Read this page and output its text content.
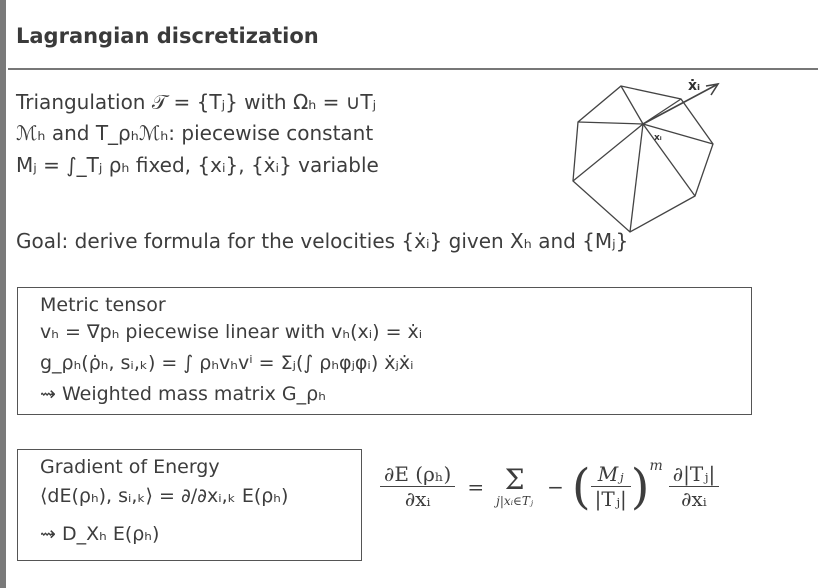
Lagrangian discretization
Triangulation 𝒯 = {Tⱼ} with Ωₕ = ∪Tⱼ
ℳₕ and T_ρₕℳₕ: piecewise constant
Mⱼ = ∫_Tⱼ ρₕ fixed, {xᵢ}, {ẋᵢ} variable
ẋᵢ
xᵢ
Goal: derive formula for the velocities {ẋᵢ} given Xₕ and {Mⱼ}
Metric tensor
vₕ = ∇pₕ piecewise linear with vₕ(xᵢ) = ẋᵢ
g_ρₕ(ρ̇ₕ, sᵢ,ₖ) = ∫ ρₕvₕvⁱ = Σⱼ(∫ ρₕφⱼφᵢ) ẋⱼẋᵢ
⇝ Weighted mass matrix G_ρₕ
Gradient of Energy
⟨dE(ρₕ), sᵢ,ₖ⟩ = ∂/∂xᵢ,ₖ E(ρₕ)
⇝ D_Xₕ E(ρₕ)
$\frac{\text{∂E (ρₕ)}}{\text{∂xᵢ}} = \Sigma$
j|xᵢ∈Tⱼ
− ( $\frac{\text{Mⱼ}}{\text{|Tⱼ|}}$ ) m $\frac{\text{∂|Tⱼ|}}{\text{∂xᵢ}}$
